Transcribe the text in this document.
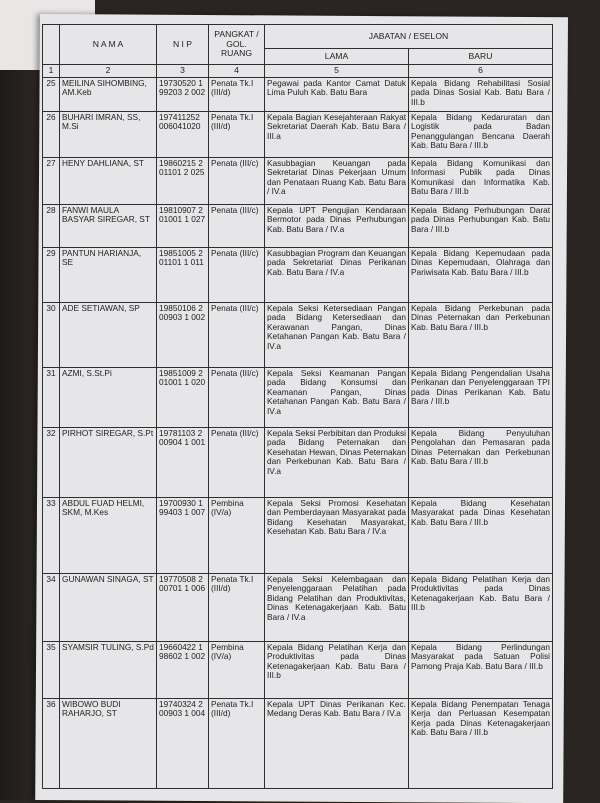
	N A M A	N I P	PANGKAT / GOL. RUANG	JABATAN / ESELON	
				LAMA	BARU
1	2	3	4	5	6
25	MEILINA SIHOMBING, AM.Keb	19730520 199203 2 002	Penata Tk.I (III/d)	Pegawai pada Kantor Camat Datuk Lima Puluh Kab. Batu Bara	Kepala Bidang Rehabilitasi Sosial pada Dinas Sosial Kab. Batu Bara / III.b
26	BUHARI IMRAN, SS, M.Si	197411252 006041020	Penata Tk.I (III/d)	Kepala Bagian Kesejahteraan Rakyat Sekretariat Daerah Kab. Batu Bara / III.a	Kepala Bidang Kedaruratan dan Logistik pada Badan Penanggulangan Bencana Daerah Kab. Batu Bara / III.b
27	HENY DAHLIANA, ST	19860215 201101 2 025	Penata (III/c)	Kasubbagian Keuangan pada Sekretariat Dinas Pekerjaan Umum dan Penataan Ruang Kab. Batu Bara / IV.a	Kepala Bidang Komunikasi dan Informasi Publik pada Dinas Komunikasi dan Informatika Kab. Batu Bara / III.b
28	FANWI MAULA BASYAR SIREGAR, ST	19810907 201001 1 027	Penata (III/c)	Kepala UPT Pengujian Kendaraan Bermotor pada Dinas Perhubungan Kab. Batu Bara / IV.a	Kepala Bidang Perhubungan Darat pada Dinas Perhubungan Kab. Batu Bara / III.b
29	PANTUN HARIANJA, SE	19851005 201101 1 011	Penata (III/c)	Kasubbagian Program dan Keuangan pada Sekretariat Dinas Perikanan Kab. Batu Bara / IV.a	Kepala Bidang Kepemudaan pada Dinas Kepemudaan, Olahraga dan Pariwisata Kab. Batu Bara / III.b
30	ADE SETIAWAN, SP	19850106 200903 1 002	Penata (III/c)	Kepala Seksi Ketersediaan Pangan pada Bidang Ketersediaan dan Kerawanan Pangan, Dinas Ketahanan Pangan Kab. Batu Bara / IV.a	Kepala Bidang Perkebunan pada Dinas Peternakan dan Perkebunan Kab. Batu Bara / III.b
31	AZMI, S.St.Pi	19851009 201001 1 020	Penata (III/c)	Kepala Seksi Keamanan Pangan pada Bidang Konsumsi dan Keamanan Pangan, Dinas Ketahanan Pangan Kab. Batu Bara / IV.a	Kepala Bidang Pengendalian Usaha Perikanan dan Penyelenggaraan TPI pada Dinas Perikanan Kab. Batu Bara / III.b
32	PIRHOT SIREGAR, S.Pt	19781103 200904 1 001	Penata (III/c)	Kepala Seksi Perbibitan dan Produksi pada Bidang Peternakan dan Kesehatan Hewan, Dinas Peternakan dan Perkebunan Kab. Batu Bara / IV.a	Kepala Bidang Penyuluhan Pengolahan dan Pemasaran pada Dinas Peternakan dan Perkebunan Kab. Batu Bara / III.b
33	ABDUL FUAD HELMI, SKM, M.Kes	19700930 199403 1 007	Pembina (IV/a)	Kepala Seksi Promosi Kesehatan dan Pemberdayaan Masyarakat pada Bidang Kesehatan Masyarakat, Kesehatan Kab. Batu Bara / IV.a	Kepala Bidang Kesehatan Masyarakat pada Dinas Kesehatan Kab. Batu Bara / III.b
34	GUNAWAN SINAGA, ST	19770508 200701 1 006	Penata Tk.I (III/d)	Kepala Seksi Kelembagaan dan Penyelenggaraan Pelatihan pada Bidang Pelatihan dan Produktivitas, Dinas Ketenagakerjaan Kab. Batu Bara / IV.a	Kepala Bidang Pelatihan Kerja dan Produktivitas pada Dinas Ketenagakerjaan Kab. Batu Bara / III.b
35	SYAMSIR TULING, S.Pd	19660422 198602 1 002	Pembina (IV/a)	Kepala Bidang Pelatihan Kerja dan Produktivitas pada Dinas Ketenagakerjaan Kab. Batu Bara / III.b	Kepala Bidang Perlindungan Masyarakat pada Satuan Polisi Pamong Praja Kab. Batu Bara / III.b
36	WIBOWO BUDI RAHARJO, ST	19740324 200903 1 004	Penata Tk.I (III/d)	Kepala UPT Dinas Perikanan Kec. Medang Deras Kab. Batu Bara / IV.a	Kepala Bidang Penempatan Tenaga Kerja dan Perluasan Kesempatan Kerja pada Dinas Ketenagakerjaan Kab. Batu Bara / III.b
